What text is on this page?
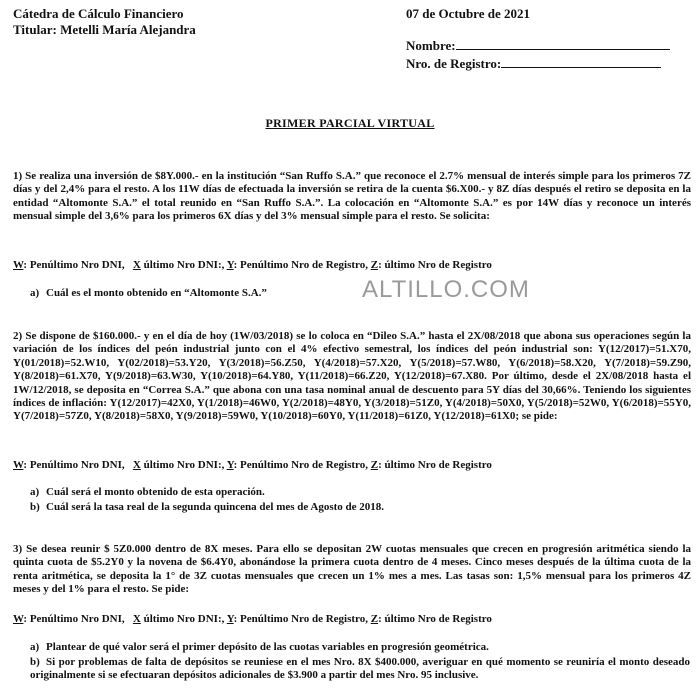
Cátedra de Cálculo Financiero
Titular: Metelli María Alejandra
07 de Octubre de 2021
Nombre:
Nro. de Registro:
PRIMER PARCIAL VIRTUAL
1) Se realiza una inversión de $8Y.000.- en la institución “San Ruffo S.A.” que reconoce el 2.7% mensual de interés simple para los primeros 7Z días y del 2,4% para el resto. A los 11W días de efectuada la inversión se retira de la cuenta $6.X00.- y 8Z días después el retiro se deposita en la entidad “Altomonte S.A.” el total reunido en “San Ruffo S.A.”. La colocación en “Altomonte S.A.” es por 14W días y reconoce un interés mensual simple del 3,6% para los primeros 6X días y del 3% mensual simple para el resto. Se solicita:
W: Penúltimo Nro DNI, X último Nro DNI:, Y: Penúltimo Nro de Registro, Z: último Nro de Registro
a) Cuál es el monto obtenido en “Altomonte S.A.”	ALTILLO.COM
2) Se dispone de $160.000.- y en el día de hoy (1W/03/2018) se lo coloca en “Dileo S.A.” hasta el 2X/08/2018 que abona sus operaciones según la variación de los índices del peón industrial junto con el 4% efectivo semestral, los índices del peón industrial son: Y(12/2017)=51.X70, Y(01/2018)=52.W10, Y(02/2018)=53.Y20, Y(3/2018)=56.Z50, Y(4/2018)=57.X20, Y(5/2018)=57.W80, Y(6/2018)=58.X20, Y(7/2018)=59.Z90, Y(8/2018)=61.X70, Y(9/2018)=63.W30, Y(10/2018)=64.Y80, Y(11/2018)=66.Z20, Y(12/2018)=67.X80. Por último, desde el 2X/08/2018 hasta el 1W/12/2018, se deposita en “Correa S.A.” que abona con una tasa nominal anual de descuento para 5Y días del 30,66%. Teniendo los siguientes índices de inflación: Y(12/2017)=42X0, Y(1/2018)=46W0, Y(2/2018)=48Y0, Y(3/2018)=51Z0, Y(4/2018)=50X0, Y(5/2018)=52W0, Y(6/2018)=55Y0, Y(7/2018)=57Z0, Y(8/2018)=58X0, Y(9/2018)=59W0, Y(10/2018)=60Y0, Y(11/2018)=61Z0, Y(12/2018)=61X0; se pide:
W: Penúltimo Nro DNI, X último Nro DNI:, Y: Penúltimo Nro de Registro, Z: último Nro de Registro
a) Cuál será el monto obtenido de esta operación.
b) Cuál será la tasa real de la segunda quincena del mes de Agosto de 2018.
3) Se desea reunir $ 5Z0.000 dentro de 8X meses. Para ello se depositan 2W cuotas mensuales que crecen en progresión aritmética siendo la quinta cuota de $5.2Y0 y la novena de $6.4Y0, abonándose la primera cuota dentro de 4 meses. Cinco meses después de la última cuota de la renta aritmética, se deposita la 1° de 3Z cuotas mensuales que crecen un 1% mes a mes. Las tasas son: 1,5% mensual para los primeros 4Z meses y del 1% para el resto. Se pide:
W: Penúltimo Nro DNI, X último Nro DNI:, Y: Penúltimo Nro de Registro, Z: último Nro de Registro
a) Plantear de qué valor será el primer depósito de las cuotas variables en progresión geométrica.
b) Si por problemas de falta de depósitos se reuniese en el mes Nro. 8X $400.000, averiguar en qué momento se reuniría el monto deseado originalmente si se efectuaran depósitos adicionales de $3.900 a partir del mes Nro. 95 inclusive.
